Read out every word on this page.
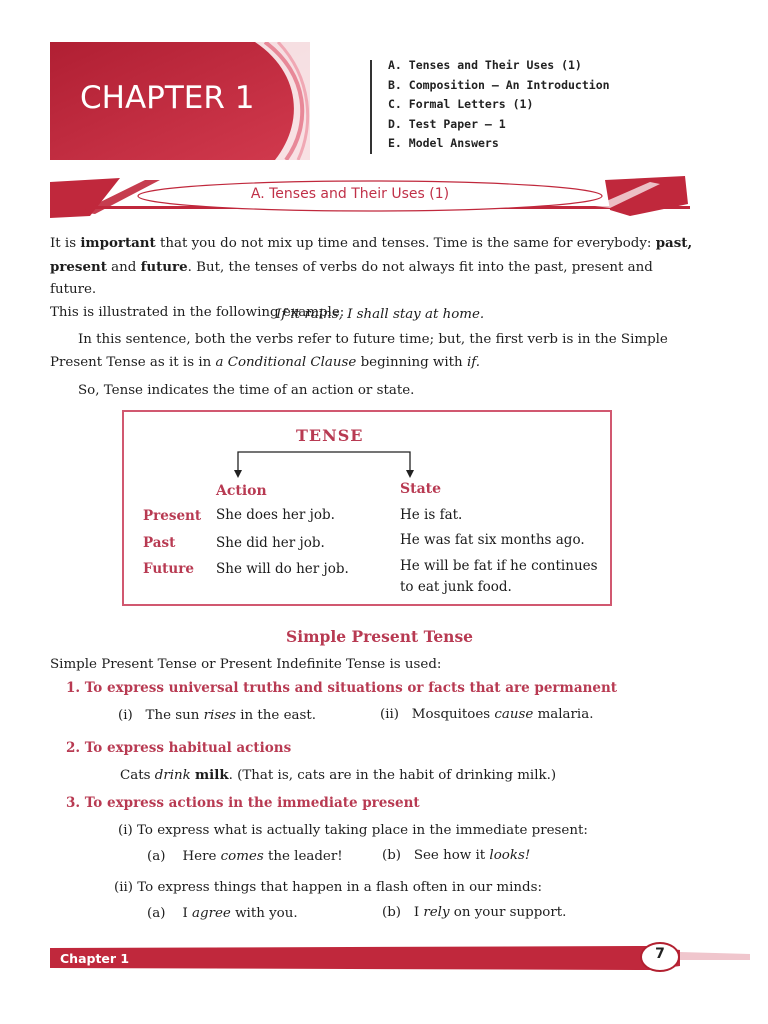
CHAPTER 1
A. Tenses and Their Uses (1)
B. Composition — An Introduction
C. Formal Letters (1)
D. Test Paper – 1
E. Model Answers
A. Tenses and Their Uses (1)
It is important that you do not mix up time and tenses. Time is the same for everybody: past,
present and future. But, the tenses of verbs do not always fit into the past, present and future.
This is illustrated in the following example:
If it rains, I shall stay at home.
In this sentence, both the verbs refer to future time; but, the first verb is in the Simple
Present Tense as it is in a Conditional Clause beginning with if.
So, Tense indicates the time of an action or state.
TENSE
Action	State
Present She does her job.	He is fat.
Past	She did her job.	He was fat six months ago.
Future She will do her job.	He will be fat if he continues
to eat junk food.
Simple Present Tense
Simple Present Tense or Present Indefinite Tense is used:
1. To express universal truths and situations or facts that are permanent
(i) The sun rises in the east.	(ii) Mosquitoes cause malaria.
2. To express habitual actions
Cats drink milk. (That is, cats are in the habit of drinking milk.)
3. To express actions in the immediate present
(i) To express what is actually taking place in the immediate present:
(a) Here comes the leader!	(b) See how it looks!
(ii) To express things that happen in a flash often in our minds:
(a) I agree with you.	(b) I rely on your support.
Chapter 1	7
